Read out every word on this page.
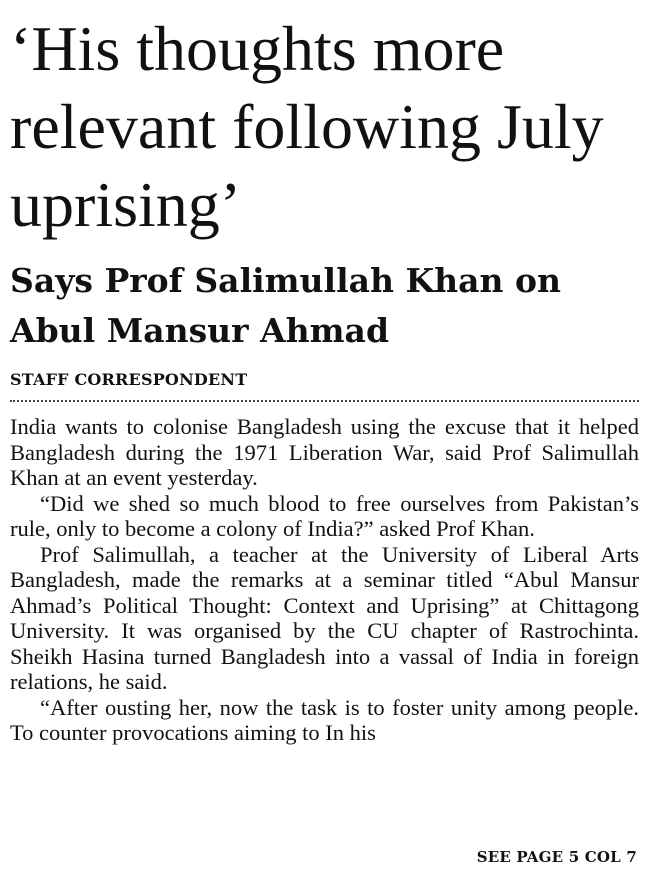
‘His thoughts more relevant following July uprising’
Says Prof Salimullah Khan on Abul Mansur Ahmad
STAFF CORRESPONDENT

India wants to colonise Bangladesh using the excuse that it helped Bangladesh during the 1971 Liberation War, said Prof Salimullah Khan at an event yesterday.

“Did we shed so much blood to free ourselves from Pakistan’s rule, only to become a colony of India?” asked Prof Khan.

Prof Salimullah, a teacher at the University of Liberal Arts Bangladesh, made the remarks at a seminar titled “Abul Mansur Ahmad’s Political Thought: Context and Uprising” at Chittagong University. It was organised by the CU chapter of Rastrochinta. Sheikh Hasina turned Bangladesh into a vassal of India in foreign relations, he said.

“After ousting her, now the task is to foster unity among people. To counter provocations aiming to In his

SEE PAGE 5 COL 7
